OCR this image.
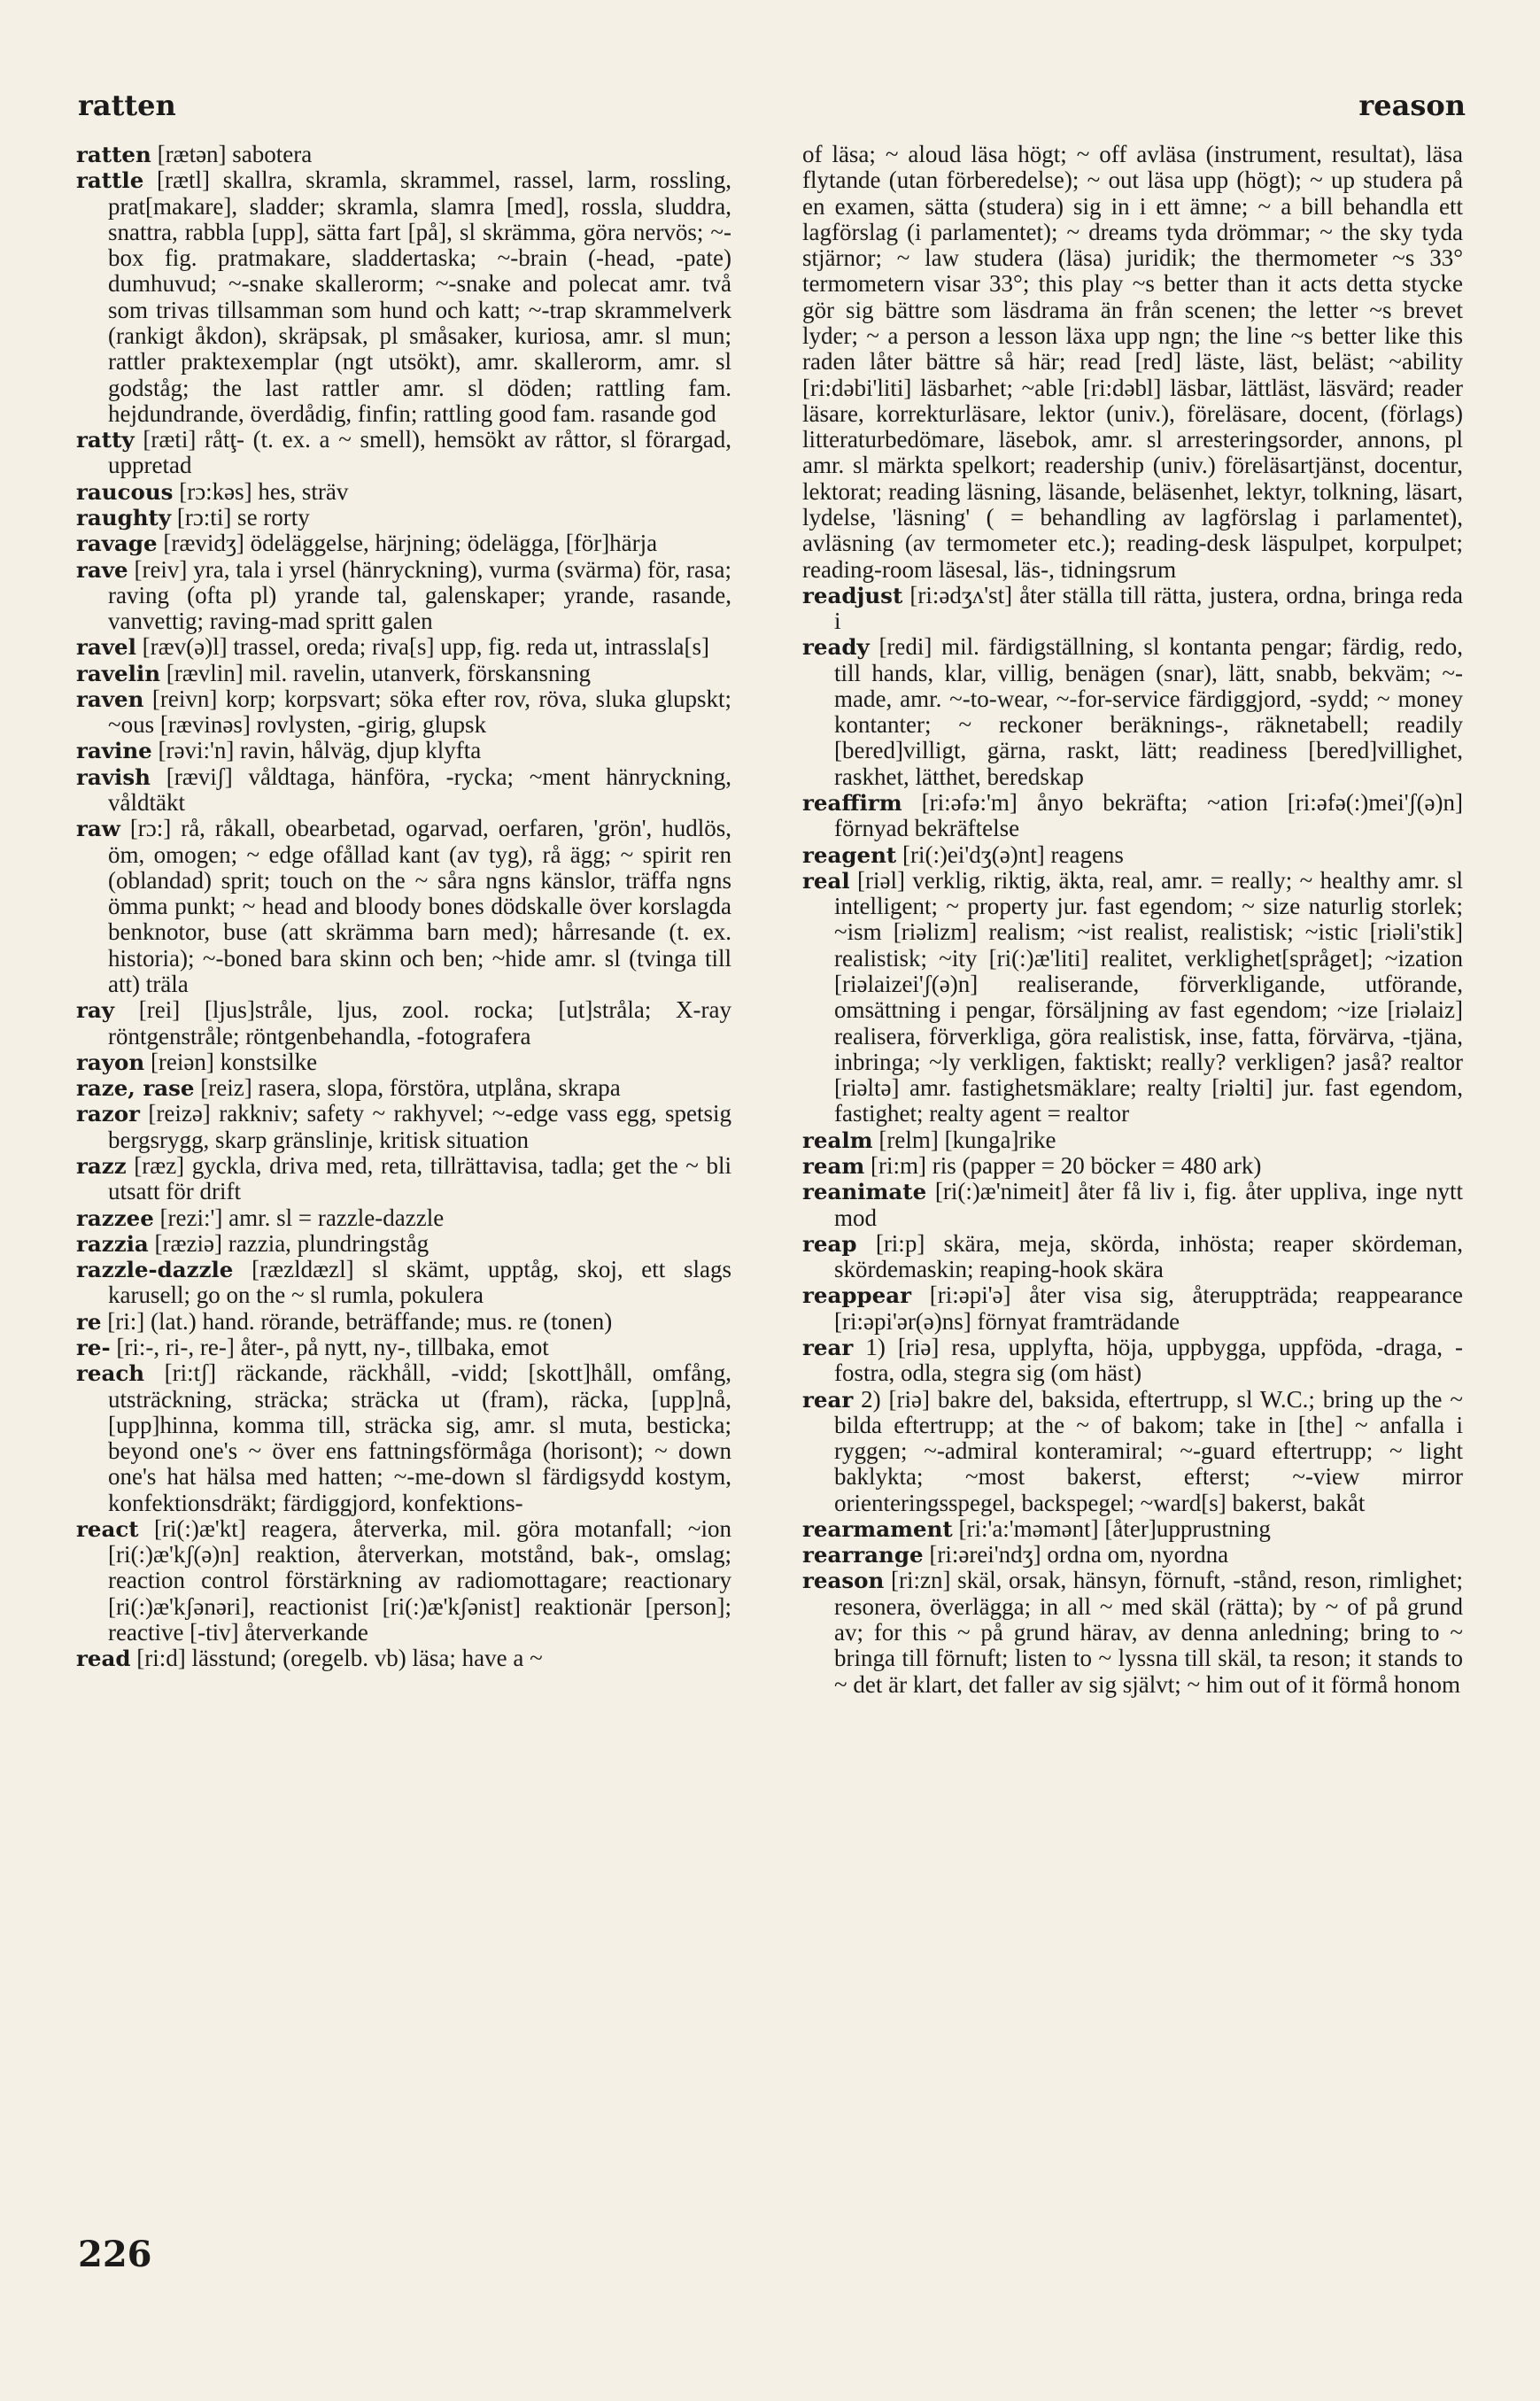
ratten	reason

ratten [rætən] sabotera

rattle [rætl] skallra, skramla, skrammel, rassel, larm, rossling, prat[makare], sladder; skramla, slamra [med], rossla, sluddra, snattra, rabbla [upp], sätta fart [på], sl skrämma, göra nervös; ~-box fig. pratmakare, sladdertaska; ~-brain (-head, -pate) dumhuvud; ~-snake skallerorm; ~-snake and polecat amr. två som trivas tillsamman som hund och katt; ~-trap skrammelverk (rankigt åkdon), skräpsak, pl småsaker, kuriosa, amr. sl mun; rattler praktexemplar (ngt utsökt), amr. skallerorm, amr. sl godståg; the last rattler amr. sl döden; rattling fam. hejdundrande, överdådig, finfin; rattling good fam. rasande god

ratty [ræti] råtţ- (t. ex. a ~ smell), hemsökt av råttor, sl förargad, uppretad

raucous [rɔ:kəs] hes, sträv

raughty [rɔ:ti] se rorty

ravage [rævidʒ] ödeläggelse, härjning; ödelägga, [för]härja

rave [reiv] yra, tala i yrsel (hänryckning), vurma (svärma) för, rasa; raving (ofta pl) yrande tal, galenskaper; yrande, rasande, vanvettig; raving-mad spritt galen

ravel [ræv(ə)l] trassel, oreda; riva[s] upp, fig. reda ut, intrassla[s]

ravelin [rævlin] mil. ravelin, utanverk, förskansning

raven [reivn] korp; korpsvart; söka efter rov, röva, sluka glupskt; ~ous [rævinəs] rovlysten, -girig, glupsk

ravine [rəvi:'n] ravin, hålväg, djup klyfta

ravish [ræviʃ] våldtaga, hänföra, -rycka; ~ment hänryckning, våldtäkt

raw [rɔ:] rå, råkall, obearbetad, ogarvad, oerfaren, 'grön', hudlös, öm, omogen; ~ edge ofållad kant (av tyg), rå ägg; ~ spirit ren (oblandad) sprit; touch on the ~ såra ngns känslor, träffa ngns ömma punkt; ~ head and bloody bones dödskalle över korslagda benknotor, buse (att skrämma barn med); hårresande (t. ex. historia); ~-boned bara skinn och ben; ~hide amr. sl (tvinga till att) träla

ray [rei] [ljus]stråle, ljus, zool. rocka; [ut]stråla; X-ray röntgenstråle; röntgenbehandla, -fotografera

rayon [reiən] konstsilke

raze, rase [reiz] rasera, slopa, förstöra, utplåna, skrapa

razor [reizə] rakkniv; safety ~ rakhyvel; ~-edge vass egg, spetsig bergsrygg, skarp gränslinje, kritisk situation

razz [ræz] gyckla, driva med, reta, tillrättavisa, tadla; get the ~ bli utsatt för drift

razzee [rezi:'] amr. sl = razzle-dazzle

razzia [ræziə] razzia, plundringståg

razzle-dazzle [ræzldæzl] sl skämt, upptåg, skoj, ett slags karusell; go on the ~ sl rumla, pokulera

re [ri:] (lat.) hand. rörande, beträffande; mus. re (tonen)

re- [ri:-, ri-, re-] åter-, på nytt, ny-, tillbaka, emot

reach [ri:tʃ] räckande, räckhåll, -vidd; [skott]håll, omfång, utsträckning, sträcka; sträcka ut (fram), räcka, [upp]nå, [upp]hinna, komma till, sträcka sig, amr. sl muta, besticka; beyond one's ~ över ens fattningsförmåga (horisont); ~ down one's hat hälsa med hatten; ~-me-down sl färdigsydd kostym, konfektionsdräkt; färdiggjord, konfektions-

react [ri(:)æ'kt] reagera, återverka, mil. göra motanfall; ~ion [ri(:)æ'kʃ(ə)n] reaktion, återverkan, motstånd, bak-, omslag; reaction control förstärkning av radiomottagare; reactionary [ri(:)æ'kʃənəri], reactionist [ri(:)æ'kʃənist] reaktionär [person]; reactive [-tiv] återverkande

read [ri:d] lässtund; (oregelb. vb) läsa; have a ~

of läsa; ~ aloud läsa högt; ~ off avläsa (instrument, resultat), läsa flytande (utan förberedelse); ~ out läsa upp (högt); ~ up studera på en examen, sätta (studera) sig in i ett ämne; ~ a bill behandla ett lagförslag (i parlamentet); ~ dreams tyda drömmar; ~ the sky tyda stjärnor; ~ law studera (läsa) juridik; the thermometer ~s 33° termometern visar 33°; this play ~s better than it acts detta stycke gör sig bättre som läsdrama än från scenen; the letter ~s brevet lyder; ~ a person a lesson läxa upp ngn; the line ~s better like this raden låter bättre så här; read [red] läste, läst, beläst; ~ability [ri:dəbi'liti] läsbarhet; ~able [ri:dəbl] läsbar, lättläst, läsvärd; reader läsare, korrekturläsare, lektor (univ.), föreläsare, docent, (förlags) litteraturbedömare, läsebok, amr. sl arresteringsorder, annons, pl amr. sl märkta spelkort; readership (univ.) föreläsartjänst, docentur, lektorat; reading läsning, läsande, beläsenhet, lektyr, tolkning, läsart, lydelse, 'läsning' ( = behandling av lagförslag i parlamentet), avläsning (av termometer etc.); reading-desk läspulpet, korpulpet; reading-room läsesal, läs-, tidningsrum

readjust [ri:ədʒʌ'st] åter ställa till rätta, justera, ordna, bringa reda i

ready [redi] mil. färdigställning, sl kontanta pengar; färdig, redo, till hands, klar, villig, benägen (snar), lätt, snabb, bekväm; ~-made, amr. ~-to-wear, ~-for-service färdiggjord, -sydd; ~ money kontanter; ~ reckoner beräknings-, räknetabell; readily [bered]villigt, gärna, raskt, lätt; readiness [bered]villighet, raskhet, lätthet, beredskap

reaffirm [ri:əfə:'m] ånyo bekräfta; ~ation [ri:əfə(:)mei'ʃ(ə)n] förnyad bekräftelse

reagent [ri(:)ei'dʒ(ə)nt] reagens

real [riəl] verklig, riktig, äkta, real, amr. = really; ~ healthy amr. sl intelligent; ~ property jur. fast egendom; ~ size naturlig storlek; ~ism [riəlizm] realism; ~ist realist, realistisk; ~istic [riəli'stik] realistisk; ~ity [ri(:)æ'liti] realitet, verklighet[språget]; ~ization [riəlaizei'ʃ(ə)n] realiserande, förverkligande, utförande, omsättning i pengar, försäljning av fast egendom; ~ize [riəlaiz] realisera, förverkliga, göra realistisk, inse, fatta, förvärva, -tjäna, inbringa; ~ly verkligen, faktiskt; really? verkligen? jaså? realtor [riəltə] amr. fastighetsmäklare; realty [riəlti] jur. fast egendom, fastighet; realty agent = realtor

realm [relm] [kunga]rike

ream [ri:m] ris (papper = 20 böcker = 480 ark)

reanimate [ri(:)æ'nimeit] åter få liv i, fig. åter uppliva, inge nytt mod

reap [ri:p] skära, meja, skörda, inhösta; reaper skördeman, skördemaskin; reaping-hook skära

reappear [ri:əpi'ə] åter visa sig, återuppträda; reappearance [ri:əpi'ər(ə)ns] förnyat framträdande

rear 1) [riə] resa, upplyfta, höja, uppbygga, uppföda, -draga, -fostra, odla, stegra sig (om häst)

rear 2) [riə] bakre del, baksida, eftertrupp, sl W.C.; bring up the ~ bilda eftertrupp; at the ~ of bakom; take in [the] ~ anfalla i ryggen; ~-admiral konteramiral; ~-guard eftertrupp; ~ light baklykta; ~most bakerst, efterst; ~-view mirror orienteringsspegel, backspegel; ~ward[s] bakerst, bakåt

rearmament [ri:'a:'məmənt] [åter]upprustning

rearrange [ri:ərei'ndʒ] ordna om, nyordna

reason [ri:zn] skäl, orsak, hänsyn, förnuft, -stånd, reson, rimlighet; resonera, överlägga; in all ~ med skäl (rätta); by ~ of på grund av; for this ~ på grund härav, av denna anledning; bring to ~ bringa till förnuft; listen to ~ lyssna till skäl, ta reson; it stands to ~ det är klart, det faller av sig självt; ~ him out of it förmå honom

226
